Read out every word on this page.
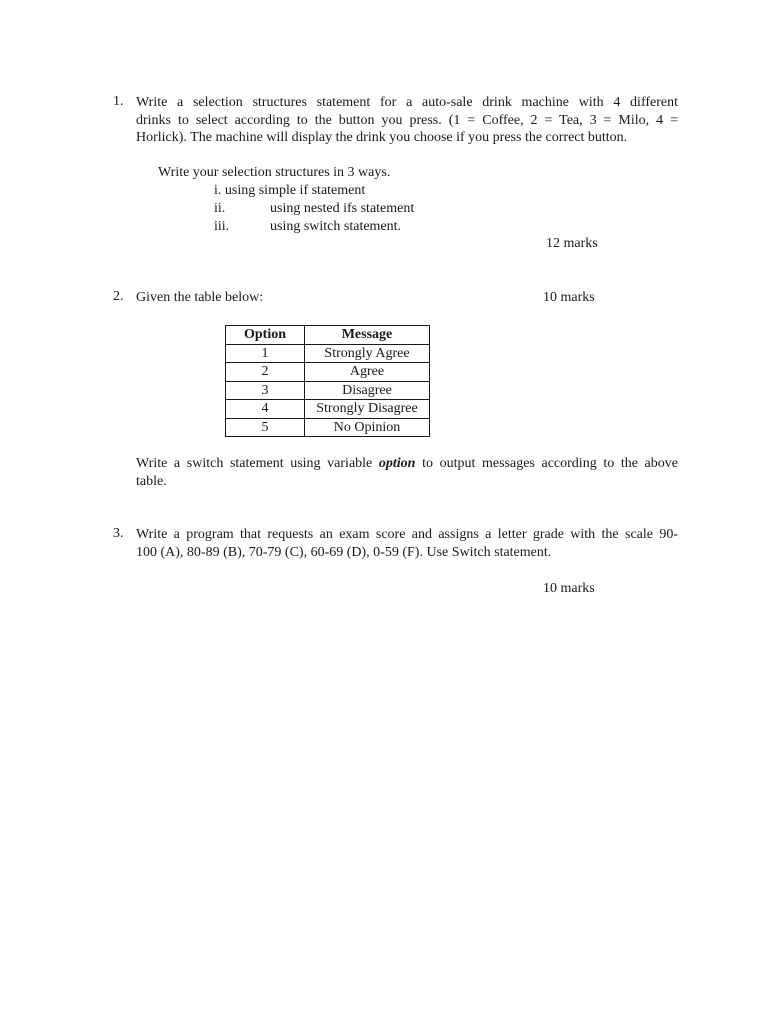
1. Write a selection structures statement for a auto-sale drink machine with 4 different
drinks to select according to the button you press. (1 = Coffee, 2 = Tea, 3 = Milo, 4 =
Horlick). The machine will display the drink you choose if you press the correct button.
Write your selection structures in 3 ways.
i. using simple if statement
ii.	using nested ifs statement
iii.	using switch statement.
12 marks
2. Given the table below:	10 marks
Option	Message
1	Strongly Agree
2	Agree
3	Disagree
4	Strongly Disagree
5	No Opinion
Write a switch statement using variable option to output messages according to the above
table.
3. Write a program that requests an exam score and assigns a letter grade with the scale 90-
100 (A), 80-89 (B), 70-79 (C), 60-69 (D), 0-59 (F). Use Switch statement.
10 marks
